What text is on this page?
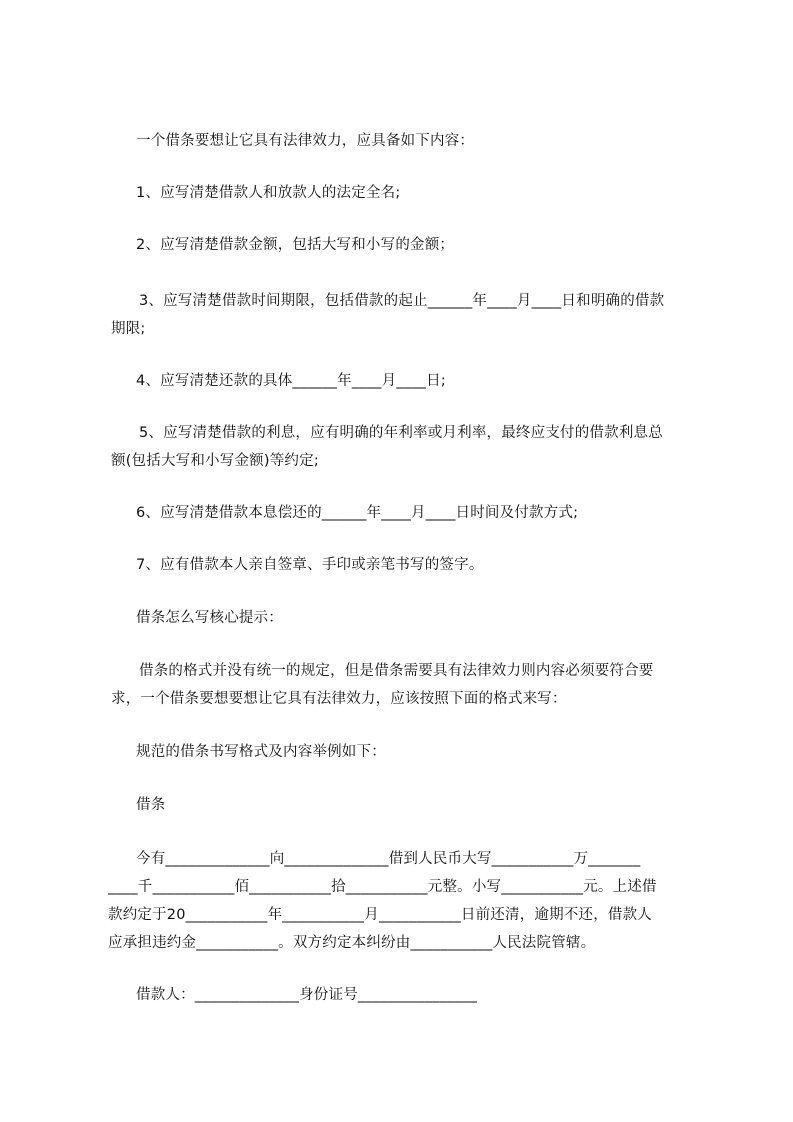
一个借条要想让它具有法律效力，应具备如下内容：
1、应写清楚借款人和放款人的法定全名;
2、应写清楚借款金额，包括大写和小写的金额；
3、应写清楚借款时间期限，包括借款的起止______年____月____日和明确的借款
期限;
4、应写清楚还款的具体______年____月____日;
5、应写清楚借款的利息，应有明确的年利率或月利率，最终应支付的借款利息总
额(包括大写和小写金额)等约定;
6、应写清楚借款本息偿还的______年____月____日时间及付款方式;
7、应有借款本人亲自签章、手印或亲笔书写的签字。
借条怎么写核心提示：
借条的格式并没有统一的规定，但是借条需要具有法律效力则内容必须要符合要
求，一个借条要想要想让它具有法律效力，应该按照下面的格式来写：
规范的借条书写格式及内容举例如下：
借条
今有______________向______________借到人民币大写___________万_______
____千___________佰___________拾___________元整。小写___________元。上述借
款约定于20___________年___________月___________日前还清，逾期不还，借款人
应承担违约金___________。双方约定本纠纷由___________人民法院管辖。
借款人：______________身份证号________________
